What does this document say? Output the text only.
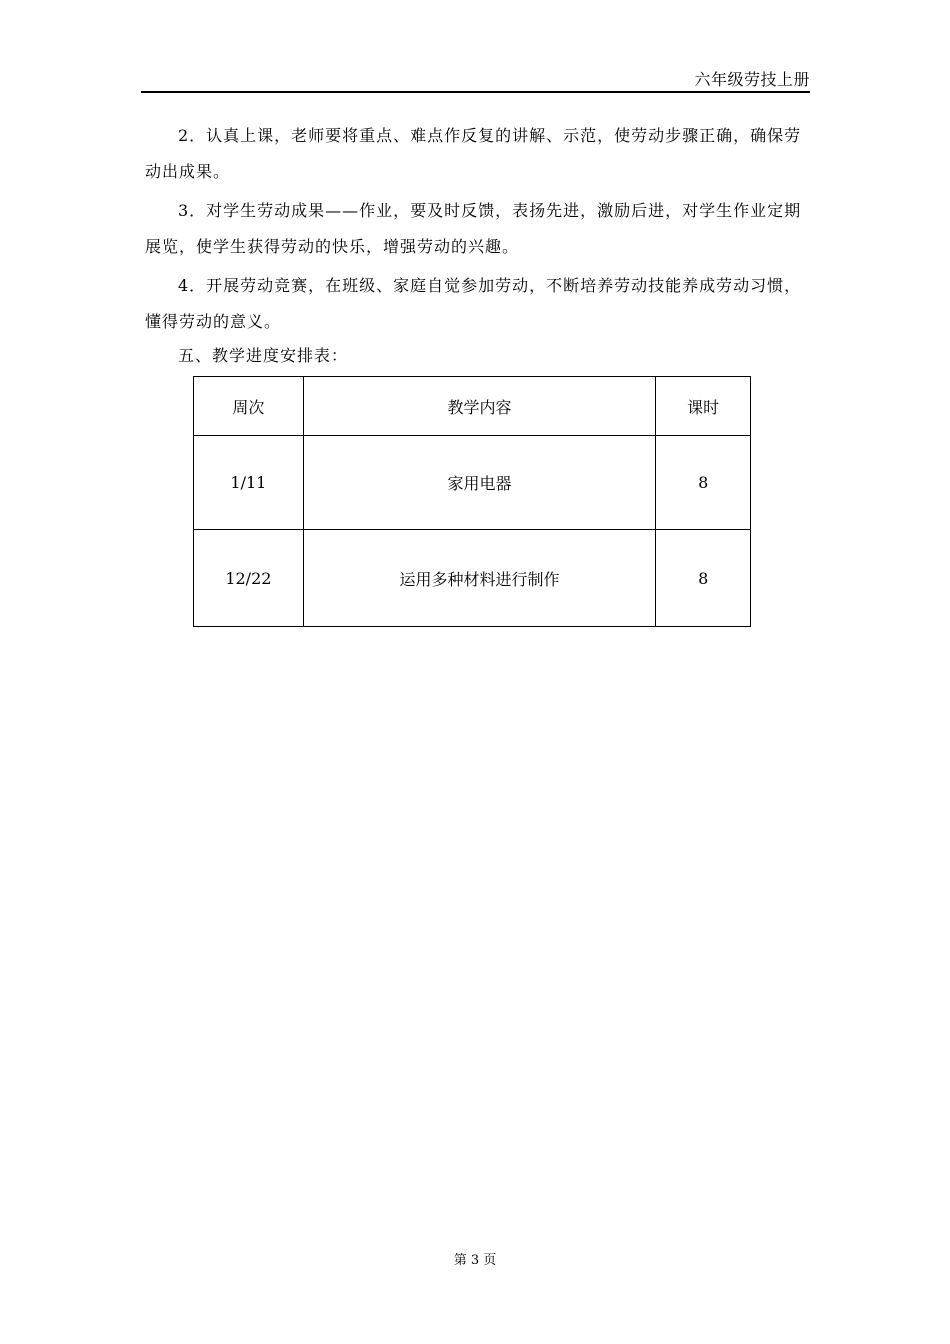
六年级劳技上册

2．认真上课，老师要将重点、难点作反复的讲解、示范，使劳动步骤正确，确保劳动出成果。

3．对学生劳动成果——作业，要及时反馈，表扬先进，激励后进，对学生作业定期展览，使学生获得劳动的快乐，增强劳动的兴趣。

4．开展劳动竞赛，在班级、家庭自觉参加劳动，不断培养劳动技能养成劳动习惯，懂得劳动的意义。

五、教学进度安排表：

周次	教学内容	课时
1/11	家用电器	8
12/22	运用多种材料进行制作	8
第 3 页
